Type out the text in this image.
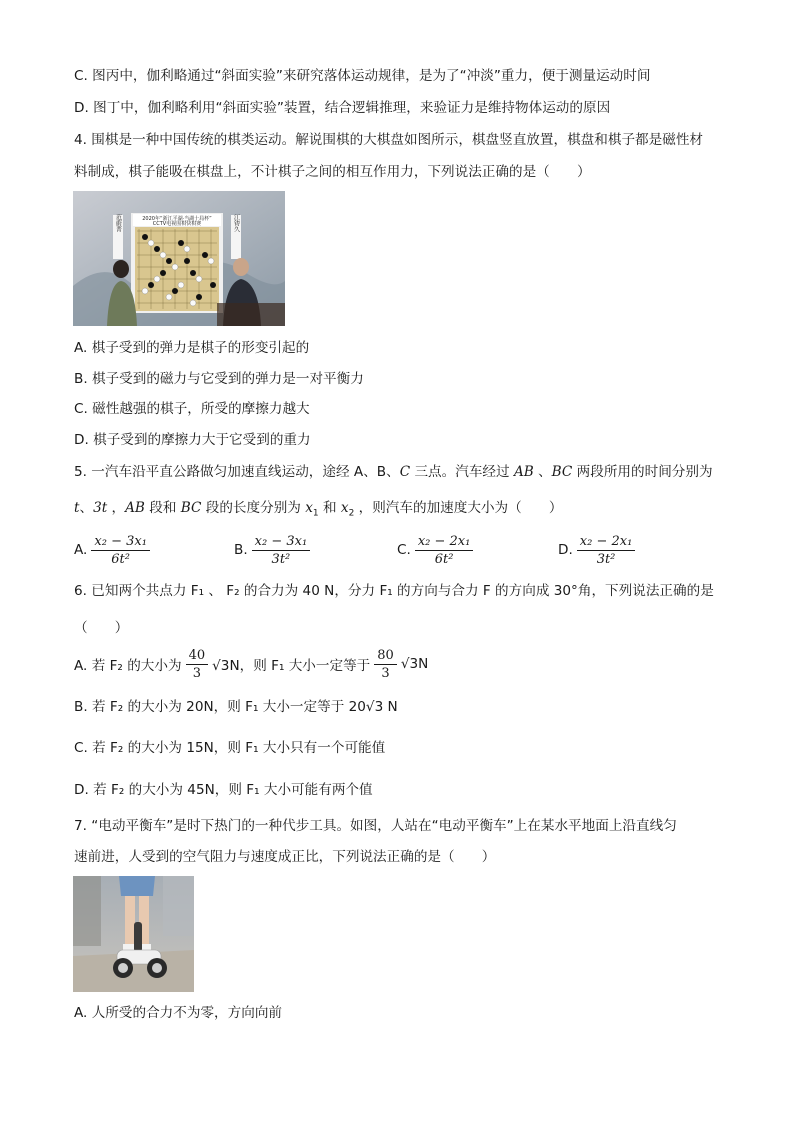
C. 图丙中，伽利略通过“斜面实验”来研究落体运动规律，是为了“冲淡”重力，便于测量运动时间
D. 图丁中，伽利略利用“斜面实验”装置，结合逻辑推理，来验证力是维持物体运动的原因
4. 围棋是一种中国传统的棋类运动。解说围棋的大棋盘如图所示，棋盘竖直放置，棋盘和棋子都是磁性材
料制成，棋子能吸在棋盘上，不计棋子之间的相互作用力，下列说法正确的是（　　）
2020年“浙江平湖·当湖十局杯”
CCTV电视围棋快棋赛
范蔚菁	江铸久
A. 棋子受到的弹力是棋子的形变引起的
B. 棋子受到的磁力与它受到的弹力是一对平衡力
C. 磁性越强的棋子，所受的摩擦力越大
D. 棋子受到的摩擦力大于它受到的重力
5. 一汽车沿平直公路做匀加速直线运动，途经 A、B、C 三点。汽车经过 AB 、BC 两段所用的时间分别为
t、3t ，AB 段和 BC 段的长度分别为 $x_1$ 和 $x_2$ ，则汽车的加速度大小为（　　）
A. $\frac{\text{x₂ − 3x₁}}{\text{6t²}}$	B. $\frac{\text{x₂ − 3x₁}}{\text{3t²}}$	C. $\frac{\text{x₂ − 2x₁}}{\text{6t²}}$	D. $\frac{\text{x₂ − 2x₁}}{\text{3t²}}$
6. 已知两个共点力 F₁ 、 F₂ 的合力为 40 N，分力 F₁ 的方向与合力 F 的方向成 30°角，下列说法正确的是
（　　）
A. 若 F₂ 的大小为 $\frac{40}{3} √3N$，则 F₁ 大小一定等于 $\frac{80}{3} √3N$
B. 若 F₂ 的大小为 20N，则 F₁ 大小一定等于 20√3 N
C. 若 F₂ 的大小为 15N，则 F₁ 大小只有一个可能值
D. 若 F₂ 的大小为 45N，则 F₁ 大小可能有两个值
7. “电动平衡车”是时下热门的一种代步工具。如图，人站在“电动平衡车”上在某水平地面上沿直线匀
速前进，人受到的空气阻力与速度成正比，下列说法正确的是（　　）
A. 人所受的合力不为零，方向向前
